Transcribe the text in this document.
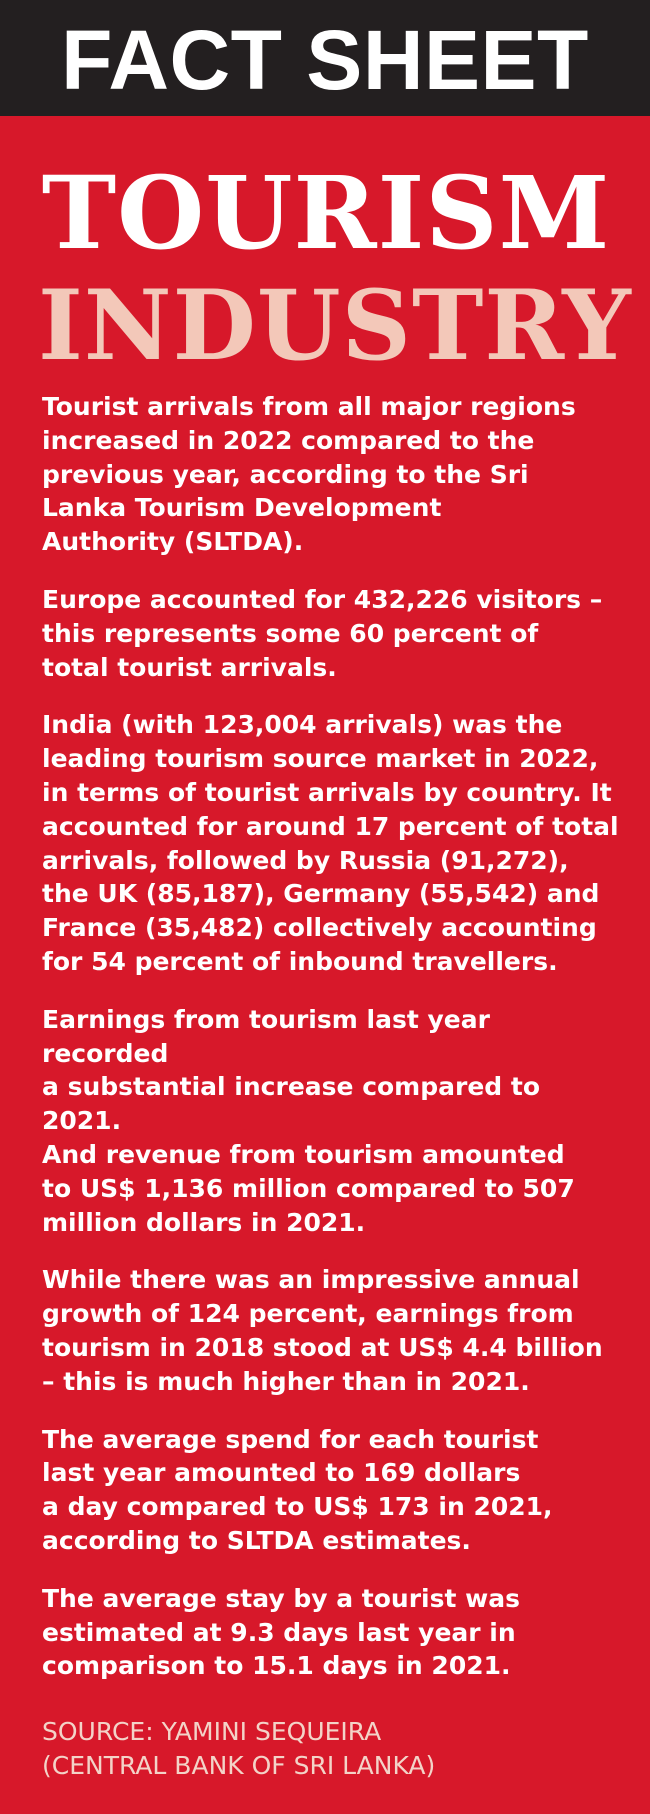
FACT SHEET
TOURISM
INDUSTRY

Tourist arrivals from all major regions
increased in 2022 compared to the
previous year, according to the Sri
Lanka Tourism Development
Authority (SLTDA).

Europe accounted for 432,226 visitors –
this represents some 60 percent of
total tourist arrivals.

India (with 123,004 arrivals) was the
leading tourism source market in 2022,
in terms of tourist arrivals by country. It
accounted for around 17 percent of total
arrivals, followed by Russia (91,272),
the UK (85,187), Germany (55,542) and
France (35,482) collectively accounting
for 54 percent of inbound travellers.

Earnings from tourism last year recorded
a substantial increase compared to 2021.
And revenue from tourism amounted
to US$ 1,136 million compared to 507
million dollars in 2021.

While there was an impressive annual
growth of 124 percent, earnings from
tourism in 2018 stood at US$ 4.4 billion
– this is much higher than in 2021.

The average spend for each tourist
last year amounted to 169 dollars
a day compared to US$ 173 in 2021,
according to SLTDA estimates.

The average stay by a tourist was
estimated at 9.3 days last year in
comparison to 15.1 days in 2021.

SOURCE: YAMINI SEQUEIRA
(CENTRAL BANK OF SRI LANKA)
